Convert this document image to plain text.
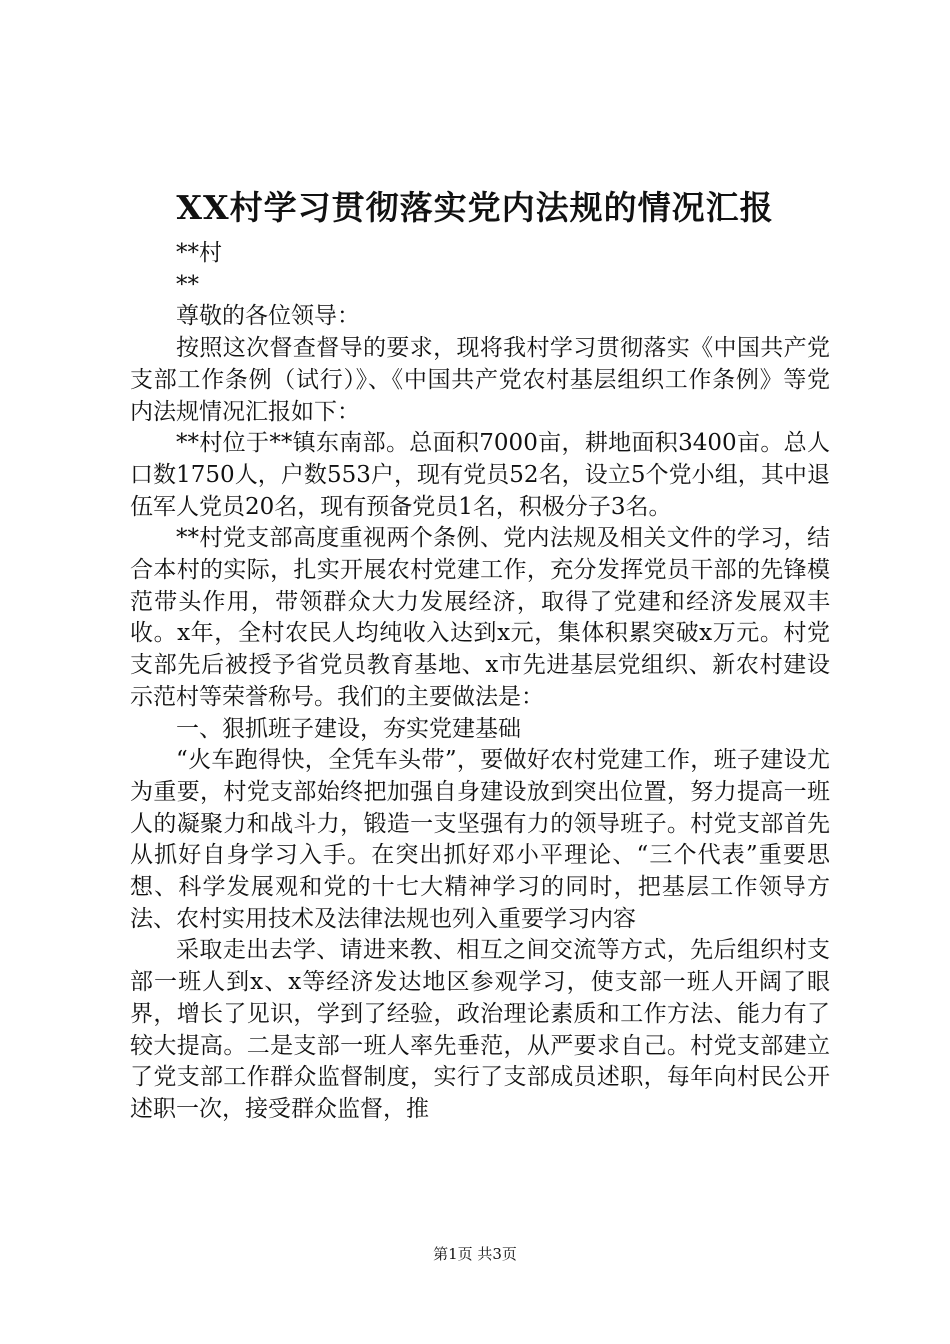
XX村学习贯彻落实党内法规的情况汇报

**村

**

尊敬的各位领导：

按照这次督查督导的要求，现将我村学习贯彻落实《中国共产党支部工作条例（试行）》、《中国共产党农村基层组织工作条例》等党内法规情况汇报如下：

**村位于**镇东南部。总面积7000亩，耕地面积3400亩。总人口数1750人，户数553户，现有党员52名，设立5个党小组，其中退伍军人党员20名，现有预备党员1名，积极分子3名。

**村党支部高度重视两个条例、党内法规及相关文件的学习，结合本村的实际，扎实开展农村党建工作，充分发挥党员干部的先锋模范带头作用，带领群众大力发展经济，取得了党建和经济发展双丰收。x年，全村农民人均纯收入达到x元，集体积累突破x万元。村党支部先后被授予省党员教育基地、x市先进基层党组织、新农村建设示范村等荣誉称号。我们的主要做法是：

一、狠抓班子建设，夯实党建基础

“火车跑得快，全凭车头带”，要做好农村党建工作，班子建设尤为重要，村党支部始终把加强自身建设放到突出位置，努力提高一班人的凝聚力和战斗力，锻造一支坚强有力的领导班子。村党支部首先从抓好自身学习入手。在突出抓好邓小平理论、“三个代表”重要思想、科学发展观和党的十七大精神学习的同时，把基层工作领导方法、农村实用技术及法律法规也列入重要学习内容

采取走出去学、请进来教、相互之间交流等方式，先后组织村支部一班人到x、x等经济发达地区参观学习，使支部一班人开阔了眼界，增长了见识，学到了经验，政治理论素质和工作方法、能力有了较大提高。二是支部一班人率先垂范，从严要求自己。村党支部建立了党支部工作群众监督制度，实行了支部成员述职，每年向村民公开述职一次，接受群众监督，推

第1页 共3页
